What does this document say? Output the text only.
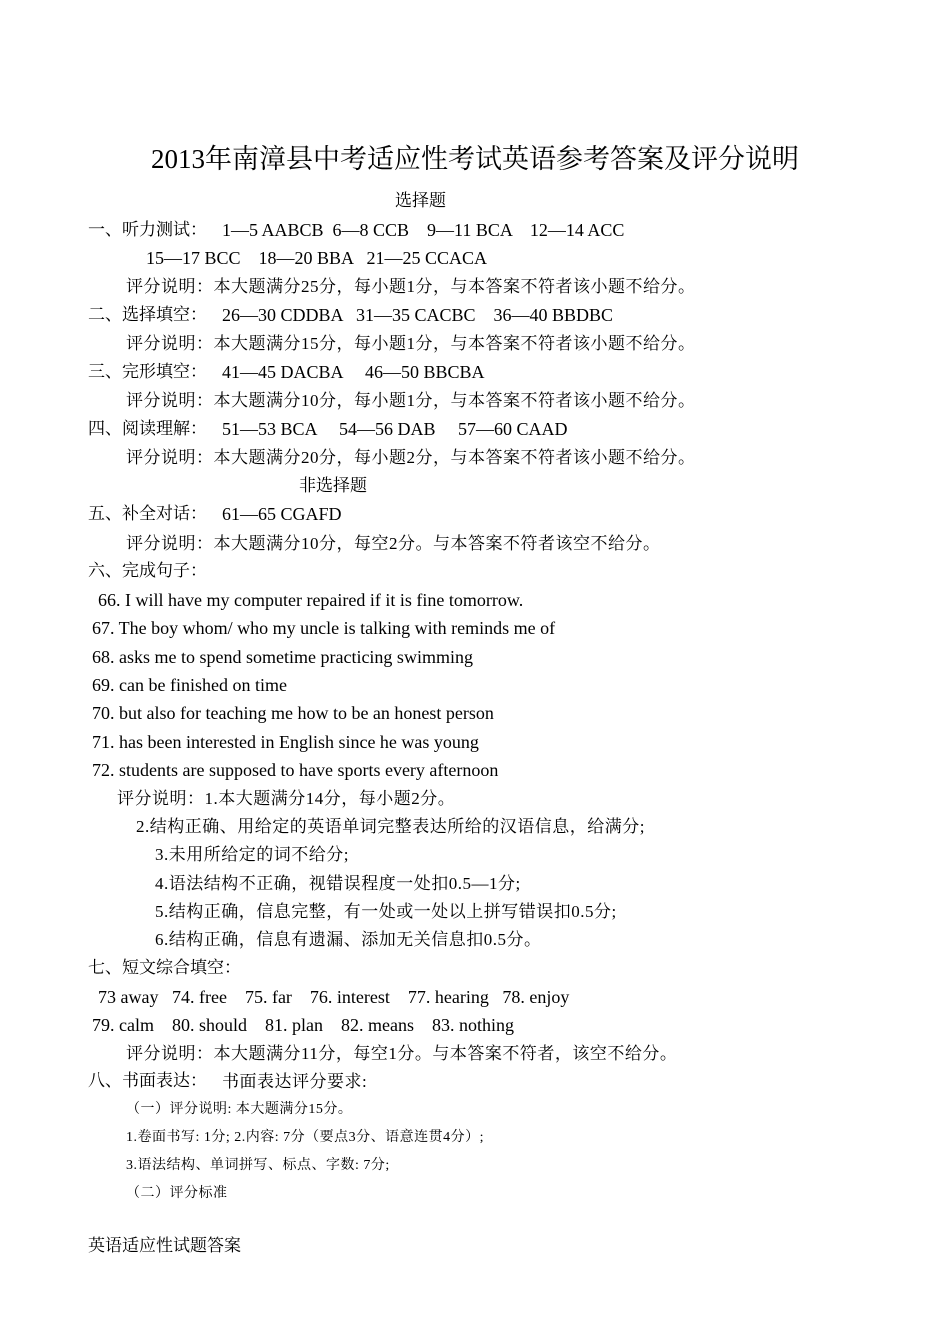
2013年南漳县中考适应性考试英语参考答案及评分说明
选择题
一、听力测试： 1—5 AABCB  6—8 CCB    9—11 BCA    12—14 ACC
15—17 BCC    18—20 BBA   21—25 CCACA
评分说明：本大题满分25分，每小题1分，与本答案不符者该小题不给分。
二、选择填空： 26—30 CDDBA   31—35 CACBC    36—40 BBDBC
评分说明：本大题满分15分，每小题1分，与本答案不符者该小题不给分。
三、完形填空： 41—45 DACBA     46—50 BBCBA
评分说明：本大题满分10分，每小题1分，与本答案不符者该小题不给分。
四、阅读理解： 51—53 BCA     54—56 DAB     57—60 CAAD
评分说明：本大题满分20分，每小题2分，与本答案不符者该小题不给分。
非选择题
五、补全对话： 61—65 CGAFD
评分说明：本大题满分10分，每空2分。与本答案不符者该空不给分。
六、完成句子：
66. I will have my computer repaired if it is fine tomorrow.
67. The boy whom/ who my uncle is talking with reminds me of
68. asks me to spend sometime practicing swimming
69. can be finished on time
70. but also for teaching me how to be an honest person
71. has been interested in English since he was young
72. students are supposed to have sports every afternoon
评分说明：1.本大题满分14分，每小题2分。
2.结构正确、用给定的英语单词完整表达所给的汉语信息，给满分;
3.未用所给定的词不给分;
4.语法结构不正确，视错误程度一处扣0.5—1分;
5.结构正确，信息完整，有一处或一处以上拼写错误扣0.5分;
6.结构正确，信息有遗漏、添加无关信息扣0.5分。
七、短文综合填空：
73 away   74. free    75. far    76. interest    77. hearing   78. enjoy
79. calm    80. should    81. plan    82. means    83. nothing
评分说明：本大题满分11分，每空1分。与本答案不符者，该空不给分。
八、书面表达： 书面表达评分要求:
（一）评分说明: 本大题满分15分。
1.卷面书写: 1分; 2.内容: 7分（要点3分、语意连贯4分）;
3.语法结构、单词拼写、标点、字数: 7分;
（二）评分标准
英语适应性试题答案
